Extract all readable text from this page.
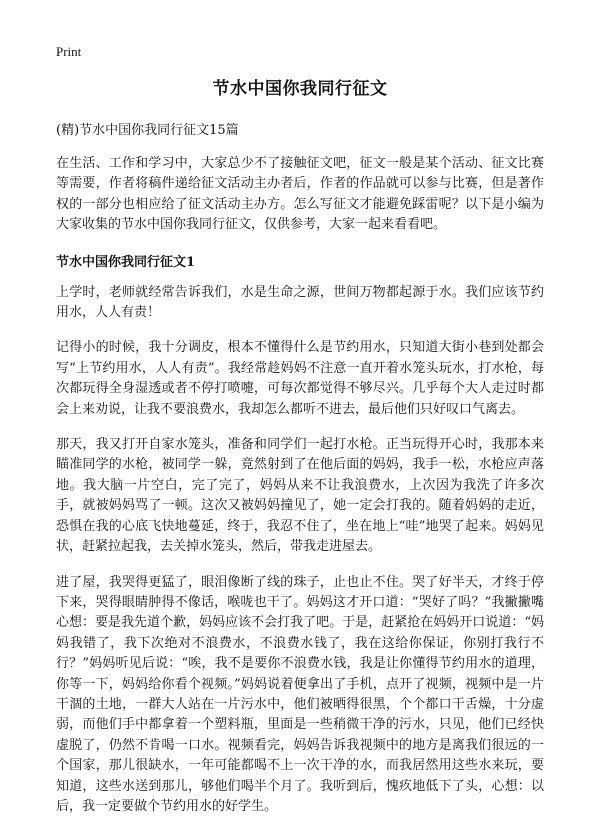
Print
节水中国你我同行征文
(精)节水中国你我同行征文15篇

在生活、工作和学习中，大家总少不了接触征文吧，征文一般是某个活动、征文比赛等需要，作者将稿件递给征文活动主办者后，作者的作品就可以参与比赛，但是著作权的一部分也相应给了征文活动主办方。怎么写征文才能避免踩雷呢？以下是小编为大家收集的节水中国你我同行征文，仅供参考，大家一起来看看吧。

节水中国你我同行征文1

上学时，老师就经常告诉我们，水是生命之源，世间万物都起源于水。我们应该节约用水，人人有责！

记得小的时候，我十分调皮，根本不懂得什么是节约用水，只知道大街小巷到处都会写“上节约用水，人人有责”。我经常趁妈妈不注意一直开着水笼头玩水，打水枪，每次都玩得全身湿透或者不停打喷嚏，可每次都觉得不够尽兴。几乎每个大人走过时都会上来劝说，让我不要浪费水，我却怎么都听不进去，最后他们只好叹口气离去。

那天，我又打开自家水笼头，准备和同学们一起打水枪。正当玩得开心时，我那本来瞄准同学的水枪，被同学一躲，竟然射到了在他后面的妈妈，我手一松，水枪应声落地。我大脑一片空白，完了完了，妈妈从来不让我浪费水，上次因为我洗了许多次手，就被妈妈骂了一顿。这次又被妈妈撞见了，她一定会打我的。随着妈妈的走近，恐惧在我的心底飞快地蔓延，终于，我忍不住了，坐在地上“哇”地哭了起来。妈妈见状，赶紧拉起我，去关掉水笼头，然后，带我走进屋去。

进了屋，我哭得更猛了，眼泪像断了线的珠子，止也止不住。哭了好半天，才终于停下来，哭得眼睛肿得不像话，喉咙也干了。妈妈这才开口道：“哭好了吗？”我撇撇嘴心想：要是我先道个歉，妈妈应该不会打我了吧。于是，赶紧抢在妈妈开口说道：“妈妈我错了，我下次绝对不浪费水，不浪费水钱了，我在这给你保证，你别打我行不行？”妈妈听见后说：“唉，我不是要你不浪费水钱，我是让你懂得节约用水的道理，你等一下，妈妈给你看个视频。”妈妈说着便拿出了手机，点开了视频，视频中是一片干涸的土地，一群大人站在一片污水中，他们被晒得很黑，个个都口干舌燥，十分虚弱，而他们手中都拿着一个塑料瓶，里面是一些稍微干净的污水，只见，他们已经快虚脱了，仍然不肯喝一口水。视频看完，妈妈告诉我视频中的地方是离我们很远的一个国家，那儿很缺水，一年可能都喝不上一次干净的水，而我居然用这些水来玩，要知道，这些水送到那儿，够他们喝半个月了。我听到后，愧疚地低下了头，心想：以后，我一定要做个节约用水的好学生。
